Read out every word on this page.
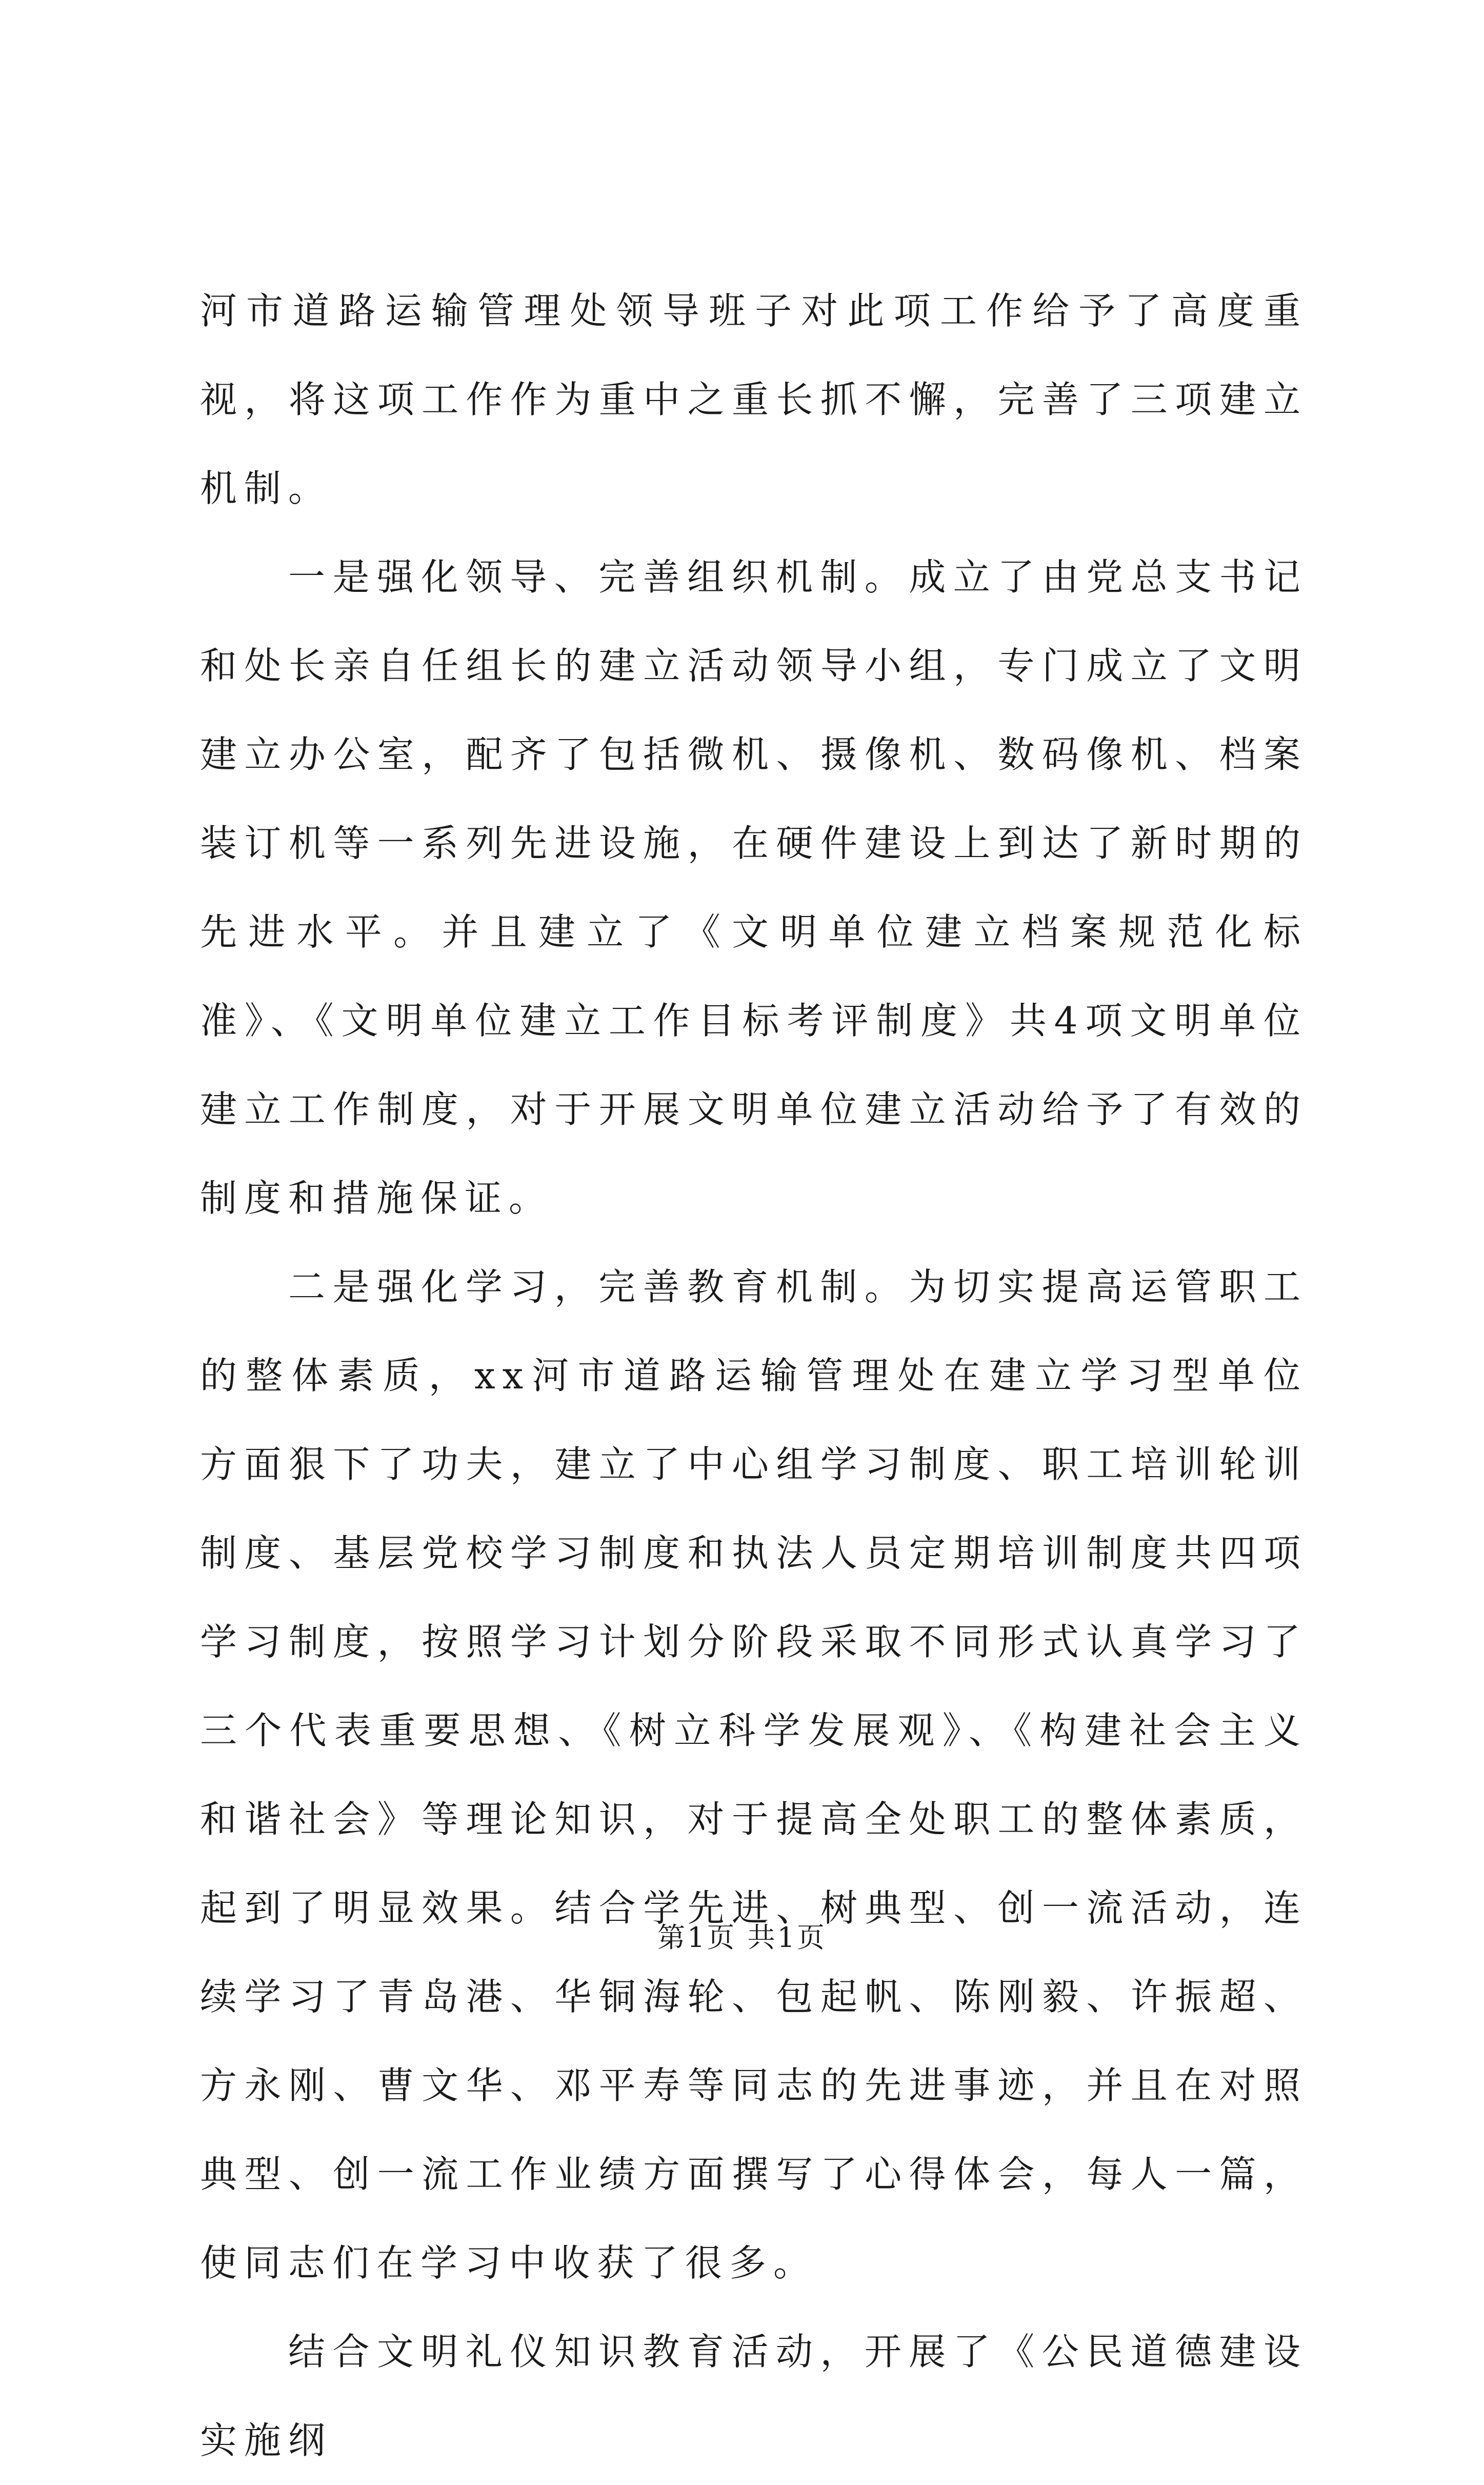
河市道路运输管理处领导班子对此项工作给予了高度重视，将这项工作作为重中之重长抓不懈，完善了三项建立机制。

一是强化领导、完善组织机制。成立了由党总支书记和处长亲自任组长的建立活动领导小组，专门成立了文明建立办公室，配齐了包括微机、摄像机、数码像机、档案装订机等一系列先进设施，在硬件建设上到达了新时期的先进水平。并且建立了《文明单位建立档案规范化标准》、《文明单位建立工作目标考评制度》共4项文明单位建立工作制度，对于开展文明单位建立活动给予了有效的制度和措施保证。

二是强化学习，完善教育机制。为切实提高运管职工的整体素质，xx河市道路运输管理处在建立学习型单位方面狠下了功夫，建立了中心组学习制度、职工培训轮训制度、基层党校学习制度和执法人员定期培训制度共四项学习制度，按照学习计划分阶段采取不同形式认真学习了三个代表重要思想、《树立科学发展观》、《构建社会主义和谐社会》等理论知识，对于提高全处职工的整体素质，起到了明显效果。结合学先进、树典型、创一流活动，连续学习了青岛港、华铜海轮、包起帆、陈刚毅、许振超、方永刚、曹文华、邓平寿等同志的先进事迹，并且在对照典型、创一流工作业绩方面撰写了心得体会，每人一篇，使同志们在学习中收获了很多。

结合文明礼仪知识教育活动，开展了《公民道德建设实施纲

第1页 共1页
